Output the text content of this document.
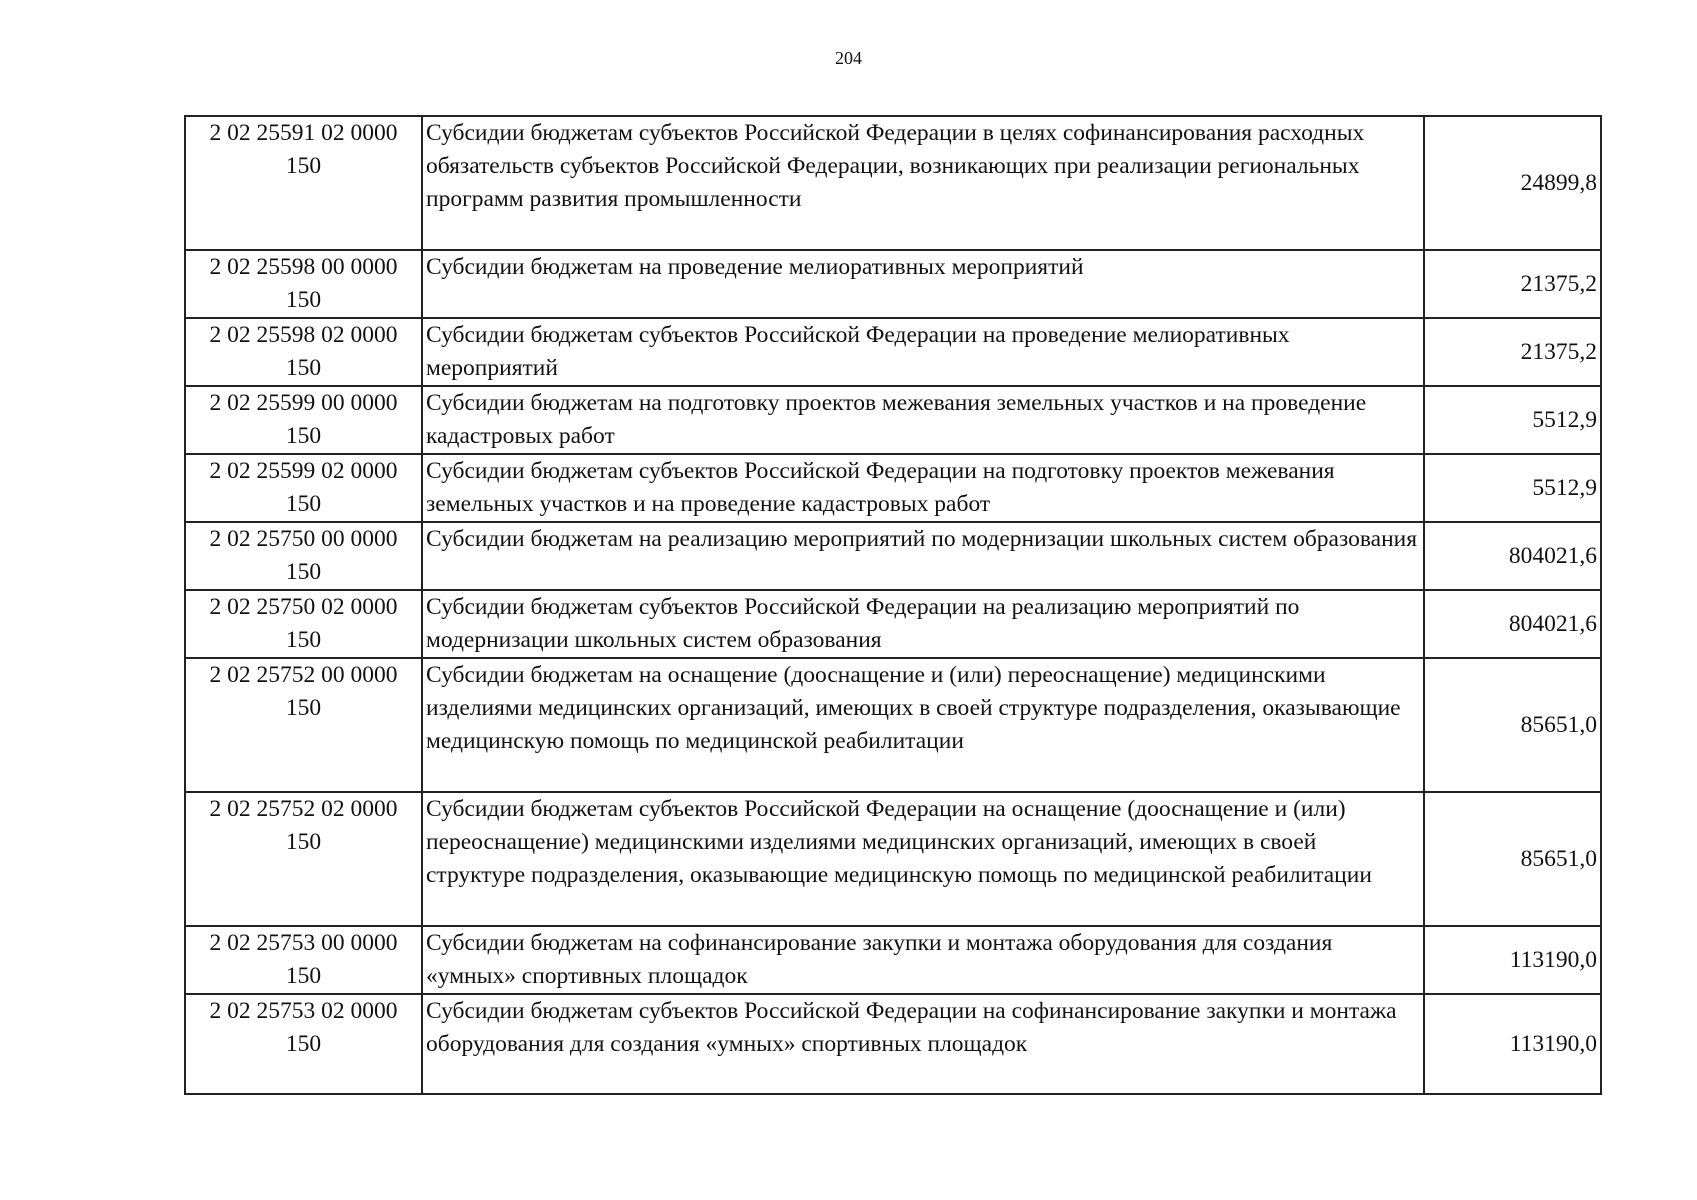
204
2 02 25591 02 0000 150	Субсидии бюджетам субъектов Российской Федерации в целях софинансирования расходных обязательств субъектов Российской Федерации, возникающих при реализации региональных программ развития промышленности	24899,8
2 02 25598 00 0000 150	Субсидии бюджетам на проведение мелиоративных мероприятий	21375,2
2 02 25598 02 0000 150	Субсидии бюджетам субъектов Российской Федерации на проведение мелиоративных мероприятий	21375,2
2 02 25599 00 0000 150	Субсидии бюджетам на подготовку проектов межевания земельных участков и на проведение кадастровых работ	5512,9
2 02 25599 02 0000 150	Субсидии бюджетам субъектов Российской Федерации на подготовку проектов межевания земельных участков и на проведение кадастровых работ	5512,9
2 02 25750 00 0000 150	Субсидии бюджетам на реализацию мероприятий по модернизации школьных систем образования	804021,6
2 02 25750 02 0000 150	Субсидии бюджетам субъектов Российской Федерации на реализацию мероприятий по модернизации школьных систем образования	804021,6
2 02 25752 00 0000 150	Субсидии бюджетам на оснащение (дооснащение и (или) переоснащение) медицинскими изделиями медицинских организаций, имеющих в своей структуре подразделения, оказывающие медицинскую помощь по медицинской реабилитации	85651,0
2 02 25752 02 0000 150	Субсидии бюджетам субъектов Российской Федерации на оснащение (дооснащение и (или) переоснащение) медицинскими изделиями медицинских организаций, имеющих в своей структуре подразделения, оказывающие медицинскую помощь по медицинской реабилитации	85651,0
2 02 25753 00 0000 150	Субсидии бюджетам на софинансирование закупки и монтажа оборудования для создания «умных» спортивных площадок	113190,0
2 02 25753 02 0000 150	Субсидии бюджетам субъектов Российской Федерации на софинансирование закупки и монтажа оборудования для создания «умных» спортивных площадок	113190,0
